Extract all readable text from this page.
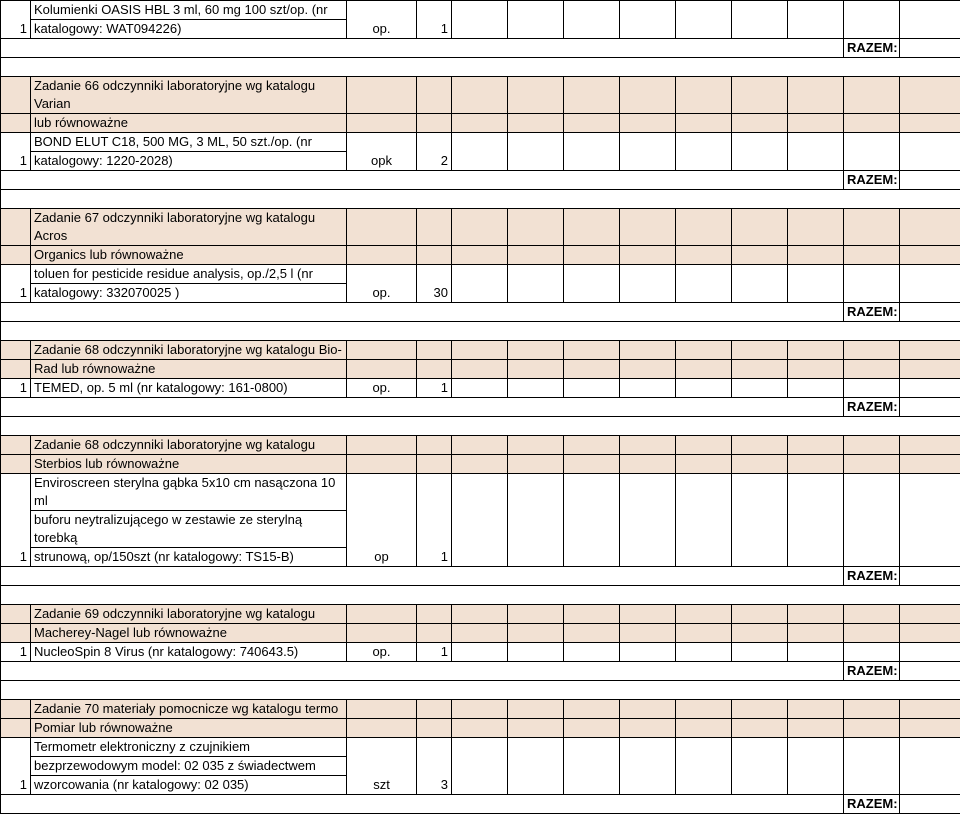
1	Kolumienki OASIS HBL 3 ml, 60 mg 100 szt/op. (nr	op.	1									
	katalogowy: WAT094226)											
											RAZEM:	

	Zadanie 66 odczynniki laboratoryjne wg katalogu Varian											
	lub równoważne											
1	BOND ELUT C18, 500 MG, 3 ML, 50 szt./op. (nr	opk	2									
	katalogowy: 1220-2028)											
											RAZEM:	

	Zadanie 67 odczynniki laboratoryjne wg katalogu Acros											
	Organics lub równoważne											
1	toluen for pesticide residue analysis, op./2,5 l (nr	op.	30									
	katalogowy: 332070025 )											
											RAZEM:	

	Zadanie 68 odczynniki laboratoryjne wg katalogu Bio-											
	Rad lub równoważne											
1	TEMED, op. 5 ml (nr katalogowy: 161-0800)	op.	1									
											RAZEM:	

	Zadanie 68 odczynniki laboratoryjne wg katalogu											
	Sterbios lub równoważne											
1	Enviroscreen sterylna gąbka 5x10 cm nasączona 10 ml	op	1									
	buforu neytralizującego w zestawie ze sterylną torebką											
	strunową, op/150szt (nr katalogowy: TS15-B)											
											RAZEM:	

	Zadanie 69 odczynniki laboratoryjne wg katalogu											
	Macherey-Nagel lub równoważne											
1	NucleoSpin 8 Virus (nr katalogowy: 740643.5)	op.	1									
											RAZEM:	

	Zadanie 70 materiały pomocnicze wg katalogu termo											
	Pomiar lub równoważne											
1	Termometr elektroniczny z czujnikiem	szt	3									
	bezprzewodowym model: 02 035 z świadectwem											
	wzorcowania (nr katalogowy: 02 035)											
											RAZEM:	
